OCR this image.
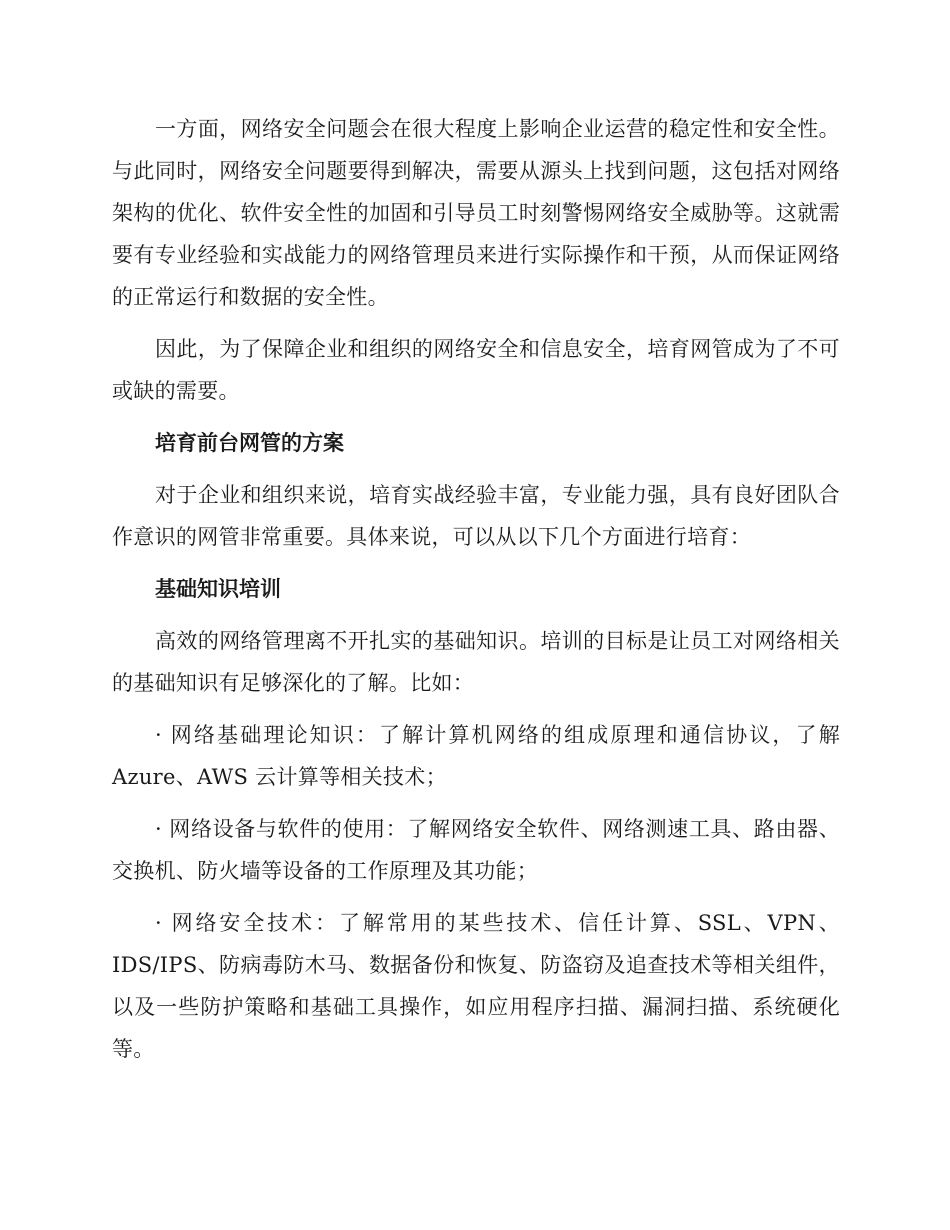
一方面，网络安全问题会在很大程度上影响企业运营的稳定性和安全性。与此同时，网络安全问题要得到解决，需要从源头上找到问题，这包括对网络架构的优化、软件安全性的加固和引导员工时刻警惕网络安全威胁等。这就需要有专业经验和实战能力的网络管理员来进行实际操作和干预，从而保证网络的正常运行和数据的安全性。

因此，为了保障企业和组织的网络安全和信息安全，培育网管成为了不可或缺的需要。

培育前台网管的方案

对于企业和组织来说，培育实战经验丰富，专业能力强，具有良好团队合作意识的网管非常重要。具体来说，可以从以下几个方面进行培育：

基础知识培训

高效的网络管理离不开扎实的基础知识。培训的目标是让员工对网络相关的基础知识有足够深化的了解。比如：

· 网络基础理论知识：了解计算机网络的组成原理和通信协议，了解 Azure、AWS 云计算等相关技术；

· 网络设备与软件的使用：了解网络安全软件、网络测速工具、路由器、交换机、防火墙等设备的工作原理及其功能；

· 网络安全技术：了解常用的某些技术、信任计算、SSL、VPN、IDS/IPS、防病毒防木马、数据备份和恢复、防盗窃及追查技术等相关组件，以及一些防护策略和基础工具操作，如应用程序扫描、漏洞扫描、系统硬化等。
